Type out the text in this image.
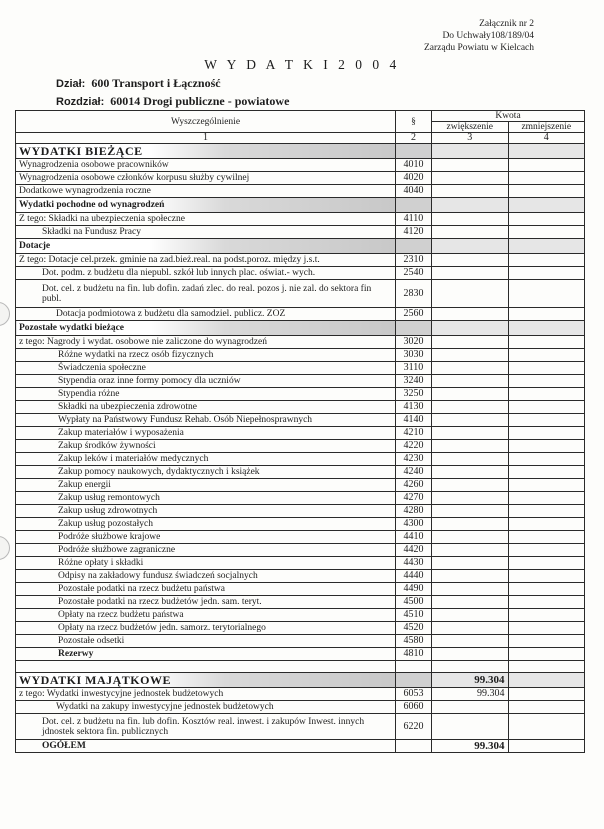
Załącznik nr 2
Do Uchwały108/189/04
Zarządu Powiatu w Kielcach
W Y D A T K I 2 0 0 4
Dział: 600 Transport i Łączność
Rozdział: 60014 Drogi publiczne - powiatowe
Wyszczególnienie	§	Kwota	
		zwiększenie	zmniejszenie
1	2	3	4
WYDATKI BIEŻĄCE			
Wynagrodzenia osobowe pracowników	4010		
Wynagrodzenia osobowe członków korpusu służby cywilnej	4020		
Dodatkowe wynagrodzenia roczne	4040		
Wydatki pochodne od wynagrodzeń			
Z tego: Składki na ubezpieczenia społeczne	4110		
Składki na Fundusz Pracy	4120		
Dotacje			
Z tego: Dotacje cel.przek. gminie na zad.bież.real. na podst.poroz. między j.s.t.	2310		
Dot. podm. z budżetu dla niepubl. szkół lub innych plac. oświat.- wych.	2540		
Dot. cel. z budżetu na fin. lub dofin. zadań zlec. do real. pozos j. nie zal. do sektora fin publ.	2830		
Dotacja podmiotowa z budżetu dla samodziel. publicz. ZOZ	2560		
Pozostałe wydatki bieżące			
z tego: Nagrody i wydat. osobowe nie zaliczone do wynagrodzeń	3020		
Różne wydatki na rzecz osób fizycznych	3030		
Świadczenia społeczne	3110		
Stypendia oraz inne formy pomocy dla uczniów	3240		
Stypendia różne	3250		
Składki na ubezpieczenia zdrowotne	4130		
Wypłaty na Państwowy Fundusz Rehab. Osób Niepełnosprawnych	4140		
Zakup materiałów i wyposażenia	4210		
Zakup środków żywności	4220		
Zakup leków i materiałów medycznych	4230		
Zakup pomocy naukowych, dydaktycznych i książek	4240		
Zakup energii	4260		
Zakup usług remontowych	4270		
Zakup usług zdrowotnych	4280		
Zakup usług pozostałych	4300		
Podróże służbowe krajowe	4410		
Podróże służbowe zagraniczne	4420		
Różne opłaty i składki	4430		
Odpisy na zakładowy fundusz świadczeń socjalnych	4440		
Pozostałe podatki na rzecz budżetu państwa	4490		
Pozostałe podatki na rzecz budżetów jedn. sam. teryt.	4500		
Opłaty na rzecz budżetu państwa	4510		
Opłaty na rzecz budżetów jedn. samorz. terytorialnego	4520		
Pozostałe odsetki	4580		
Rezerwy	4810		

WYDATKI MAJĄTKOWE		99.304	
z tego: Wydatki inwestycyjne jednostek budżetowych	6053	99.304	
Wydatki na zakupy inwestycyjne jednostek budżetowych	6060		
Dot. cel. z budżetu na fin. lub dofin. Kosztów real. inwest. i zakupów Inwest. innych jdnostek sektora fin. publicznych	6220		
OGÓŁEM		99.304	
